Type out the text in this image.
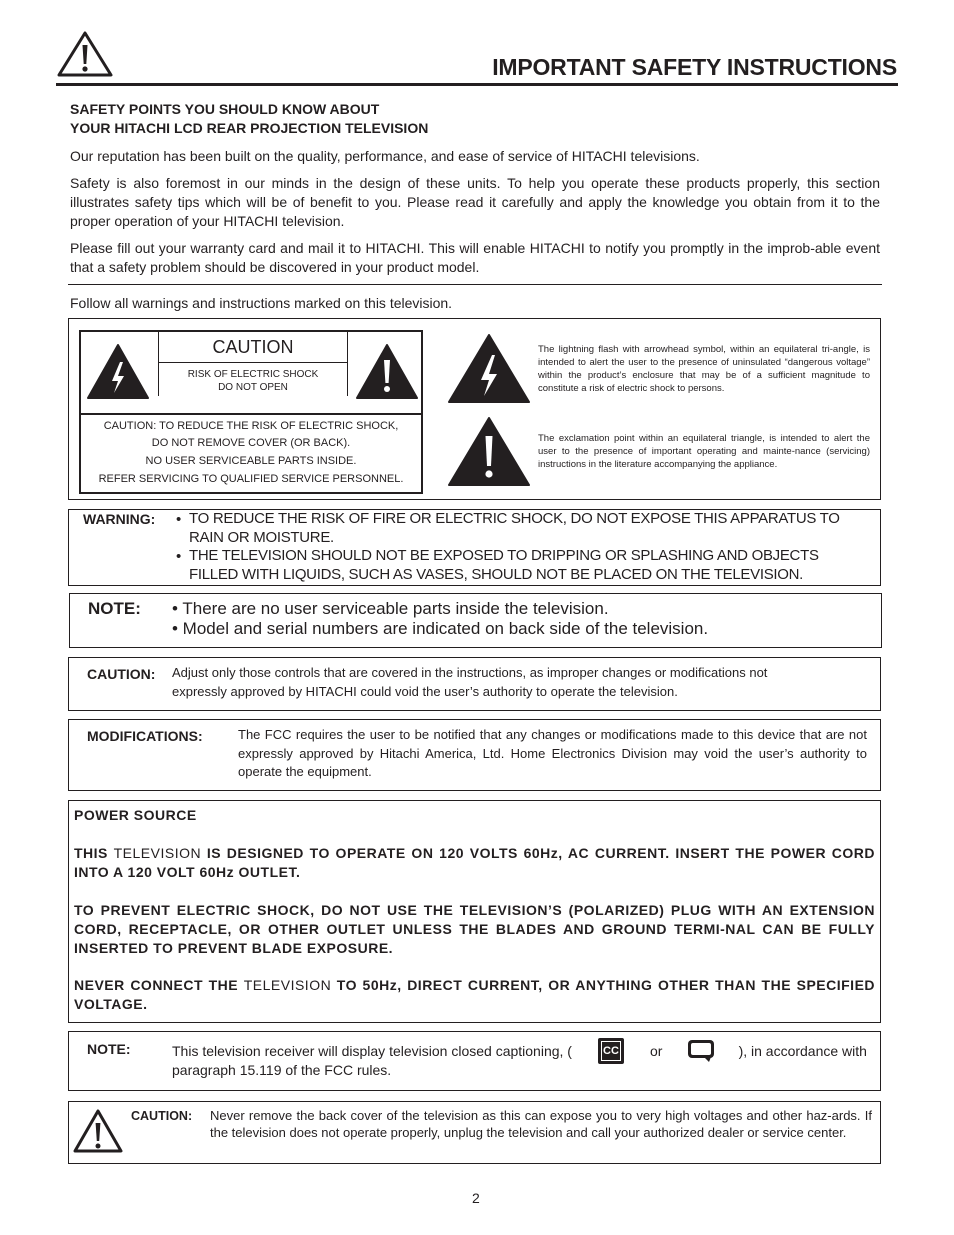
IMPORTANT SAFETY INSTRUCTIONS
SAFETY POINTS YOU SHOULD KNOW ABOUT
YOUR HITACHI LCD REAR PROJECTION TELEVISION
Our reputation has been built on the quality, performance, and ease of service of HITACHI televisions.
Safety is also foremost in our minds in the design of these units. To help you operate these products properly, this section illustrates safety tips which will be of benefit to you. Please read it carefully and apply the knowledge you obtain from it to the proper operation of your HITACHI television.
Please fill out your warranty card and mail it to HITACHI. This will enable HITACHI to notify you promptly in the improb-able event that a safety problem should be discovered in your product model.
Follow all warnings and instructions marked on this television.
CAUTION
RISK OF ELECTRIC SHOCK
DO NOT OPEN
CAUTION: TO REDUCE THE RISK OF ELECTRIC SHOCK,
DO NOT REMOVE COVER (OR BACK).
NO USER SERVICEABLE PARTS INSIDE.
REFER SERVICING TO QUALIFIED SERVICE PERSONNEL.
The lightning flash with arrowhead symbol, within an equilateral tri-angle, is intended to alert the user to the presence of uninsulated “dangerous voltage” within the product’s enclosure that may be of a sufficient magnitude to constitute a risk of electric shock to persons.
The exclamation point within an equilateral triangle, is intended to alert the user to the presence of important operating and mainte-nance (servicing) instructions in the literature accompanying the appliance.
WARNING: • TO REDUCE THE RISK OF FIRE OR ELECTRIC SHOCK, DO NOT EXPOSE THIS APPARATUS TO
RAIN OR MOISTURE.
• THE TELEVISION SHOULD NOT BE EXPOSED TO DRIPPING OR SPLASHING AND OBJECTS
FILLED WITH LIQUIDS, SUCH AS VASES, SHOULD NOT BE PLACED ON THE TELEVISION.
NOTE: • There are no user serviceable parts inside the television.
• Model and serial numbers are indicated on back side of the television.
CAUTION: Adjust only those controls that are covered in the instructions, as improper changes or modifications not
expressly approved by HITACHI could void the user’s authority to operate the television.
MODIFICATIONS:	The FCC requires the user to be notified that any changes or modifications made to this device that are not expressly approved by Hitachi America, Ltd. Home Electronics Division may void the user’s authority to operate the equipment.
POWER SOURCE
THIS TELEVISION IS DESIGNED TO OPERATE ON 120 VOLTS 60Hz, AC CURRENT. INSERT THE POWER CORD INTO A 120 VOLT 60Hz OUTLET.
TO PREVENT ELECTRIC SHOCK, DO NOT USE THE TELEVISION’S (POLARIZED) PLUG WITH AN EXTENSION CORD, RECEPTACLE, OR OTHER OUTLET UNLESS THE BLADES AND GROUND TERMI-NAL CAN BE FULLY INSERTED TO PREVENT BLADE EXPOSURE.
NEVER CONNECT THE TELEVISION TO 50Hz, DIRECT CURRENT, OR ANYTHING OTHER THAN THE SPECIFIED VOLTAGE.
NOTE:	This television receiver will display television closed captioning, (	CC	or	), in accordance with
paragraph 15.119 of the FCC rules.
CAUTION: Never remove the back cover of the television as this can expose you to very high voltages and other haz-ards. If the television does not operate properly, unplug the television and call your authorized dealer or service center.
2
